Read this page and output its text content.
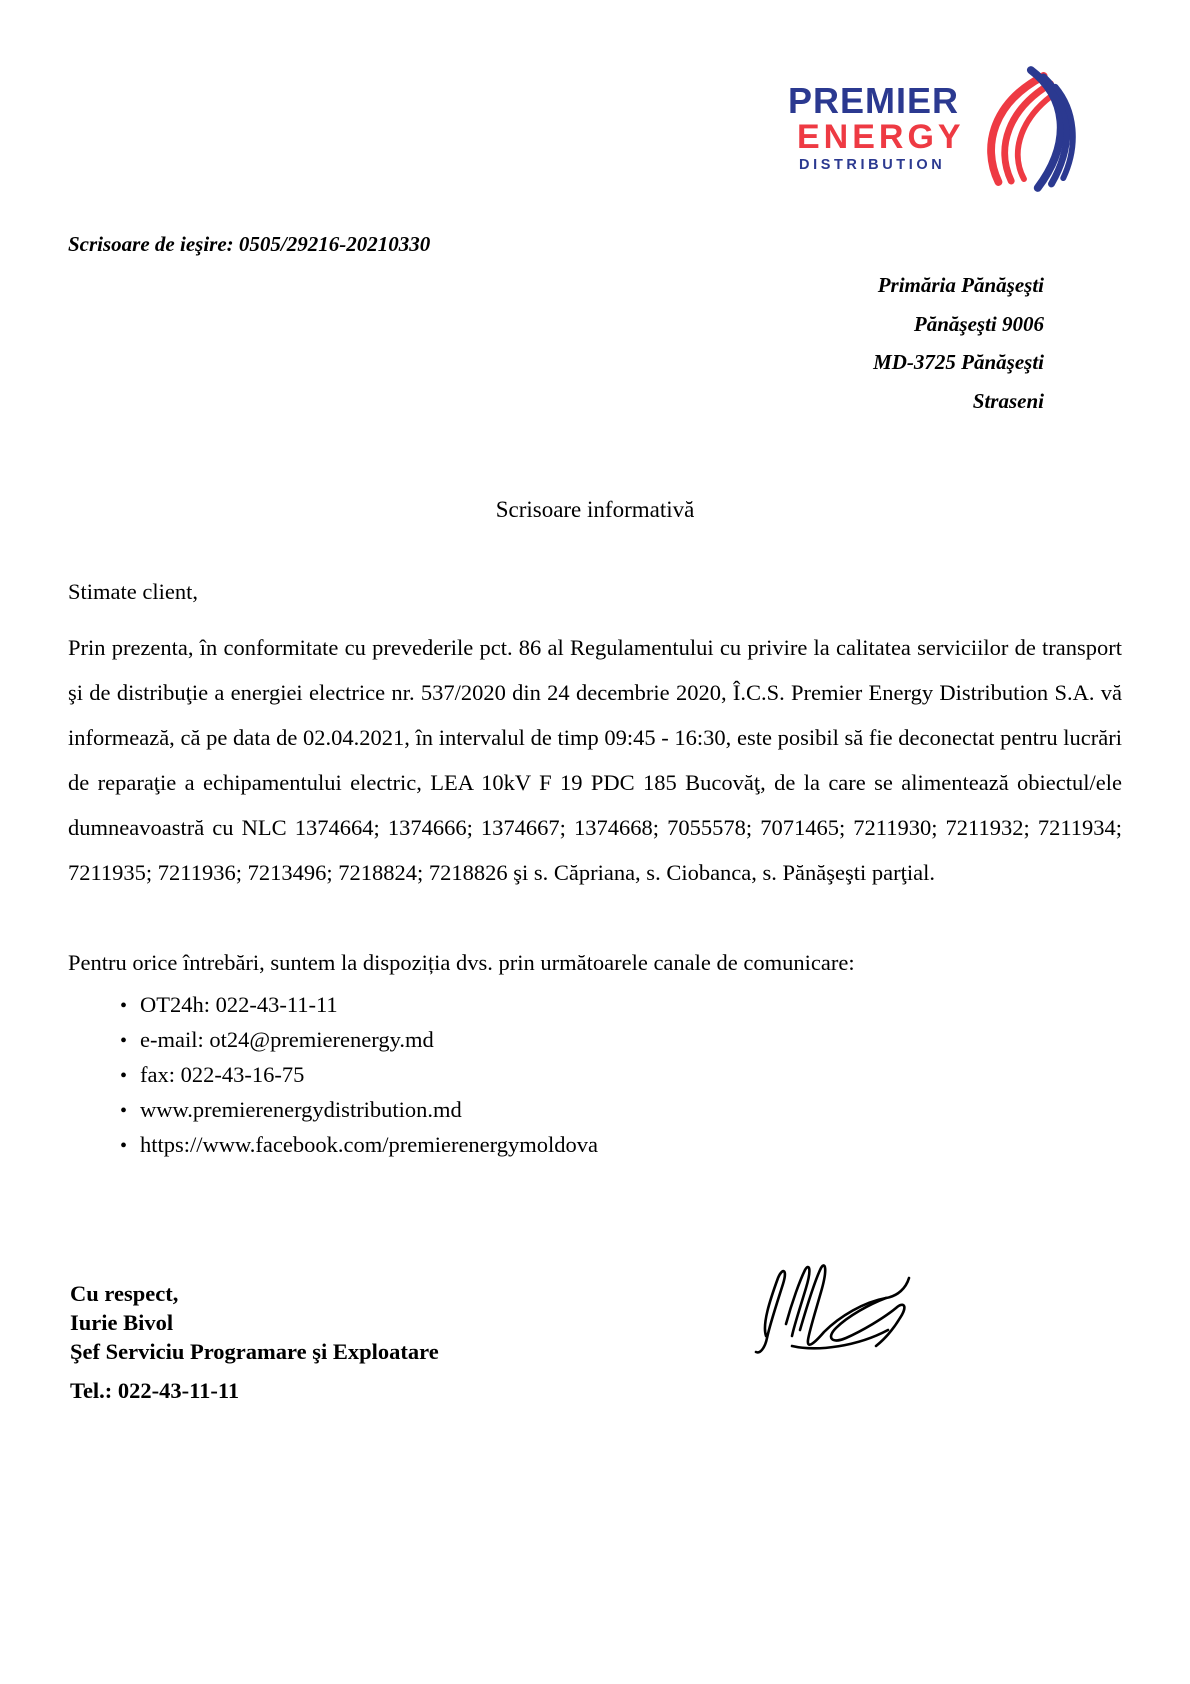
PREMIER
ENERGY
DISTRIBUTION
Scrisoare de ieşire: 0505/29216-20210330
Primăria Pănăşeşti
Pănăşeşti 9006
MD-3725 Pănăşeşti
Straseni
Scrisoare informativă
Stimate client,
Prin prezenta, în conformitate cu prevederile pct. 86 al Regulamentului cu privire la calitatea serviciilor de transport şi de distribuţie a energiei electrice nr. 537/2020 din 24 decembrie 2020, Î.C.S. Premier Energy Distribution S.A. vă informează, că pe data de 02.04.2021, în intervalul de timp 09:45 - 16:30, este posibil să fie deconectat pentru lucrări de reparaţie a echipamentului electric, LEA 10kV F 19 PDC 185 Bucovăţ, de la care se alimentează obiectul/ele dumneavoastră cu NLC 1374664; 1374666; 1374667; 1374668; 7055578; 7071465; 7211930; 7211932; 7211934; 7211935; 7211936; 7213496; 7218824; 7218826 şi s. Căpriana, s. Ciobanca, s. Pănăşeşti parţial.
Pentru orice întrebări, suntem la dispoziția dvs. prin următoarele canale de comunicare:
•OT24h: 022-43-11-11
•e-mail: ot24@premierenergy.md
•fax: 022-43-16-75
•www.premierenergydistribution.md
•https://www.facebook.com/premierenergymoldova
Cu respect,
Iurie Bivol
Şef Serviciu Programare şi Exploatare
Tel.: 022-43-11-11
